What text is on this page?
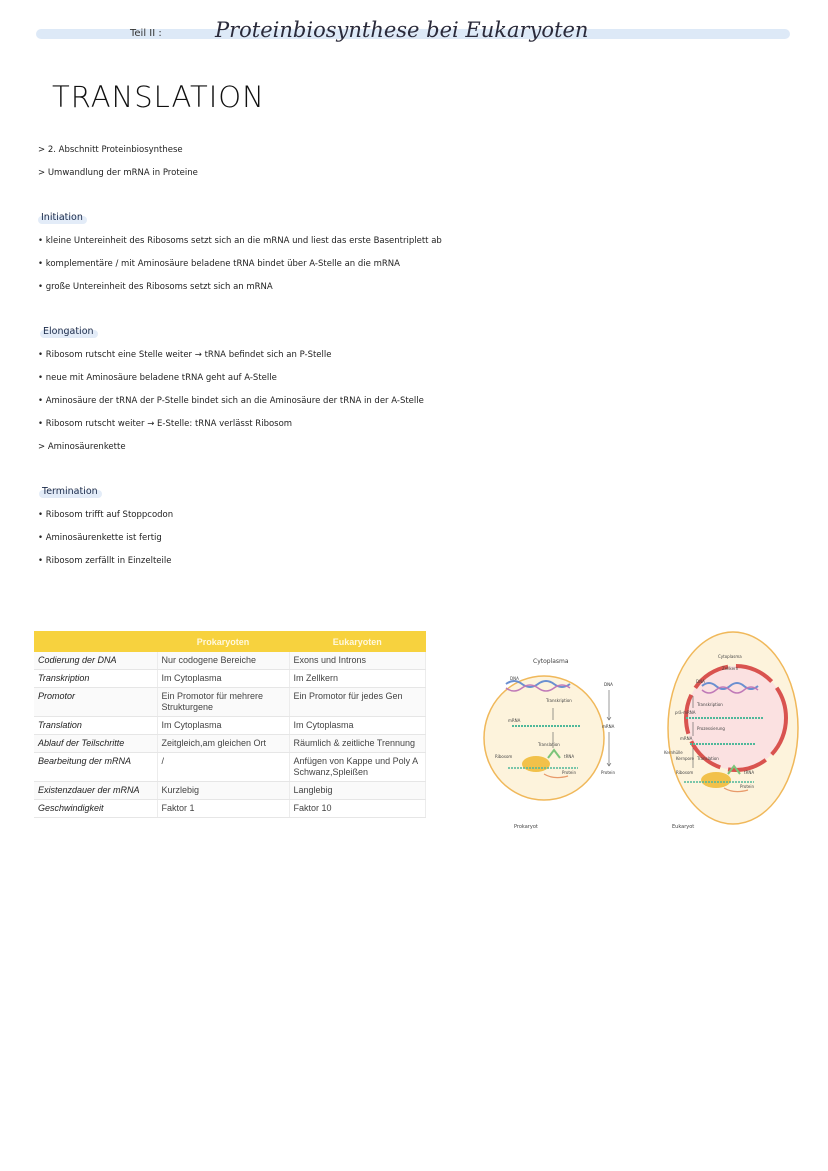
Teil II :	Proteinbiosynthese bei Eukaryoten
TRANSLATION
> 2. Abschnitt Proteinbiosynthese
> Umwandlung der mRNA in Proteine
Initiation
• kleine Untereinheit des Ribosoms setzt sich an die mRNA und liest das erste Basentriplett ab
• komplementäre / mit Aminosäure beladene tRNA bindet über A-Stelle an die mRNA
• große Untereinheit des Ribosoms setzt sich an mRNA
Elongation
• Ribosom rutscht eine Stelle weiter → tRNA befindet sich an P-Stelle
• neue mit Aminosäure beladene tRNA geht auf A-Stelle
• Aminosäure der tRNA der P-Stelle bindet sich an die Aminosäure der tRNA in der A-Stelle
• Ribosom rutscht weiter → E-Stelle: tRNA verlässt Ribosom
> Aminosäurenkette
Termination
• Ribosom trifft auf Stoppcodon
• Aminosäurenkette ist fertig
• Ribosom zerfällt in Einzelteile
	Prokaryoten	Eukaryoten
Codierung der DNA	Nur codogene Bereiche	Exons und Introns
Transkription	Im Cytoplasma	Im Zellkern
Promotor	Ein Promotor für mehrere Strukturgene	Ein Promotor für jedes Gen
Translation	Im Cytoplasma	Im Cytoplasma
Ablauf der Teilschritte	Zeitgleich,am gleichen Ort	Räumlich & zeitliche Trennung
Bearbeitung der mRNA	/	Anfügen von Kappe und Poly A Schwanz,Spleißen
Existenzdauer der mRNA	Kurzlebig	Langlebig
Geschwindigkeit	Faktor 1	Faktor 10
Cytoplasma
DNA
Transkription
mRNA
Translation
Ribosom	tRNA
Protein
DNA
mRNA
Protein
Cytoplasma
Zellkern
DNA
Transkription
prä-mRNA
Prozessierung
mRNA
Kernpore Translation
Ribosom	tRNA
Protein
Kernhülle
Prokaryot	Eukaryot
